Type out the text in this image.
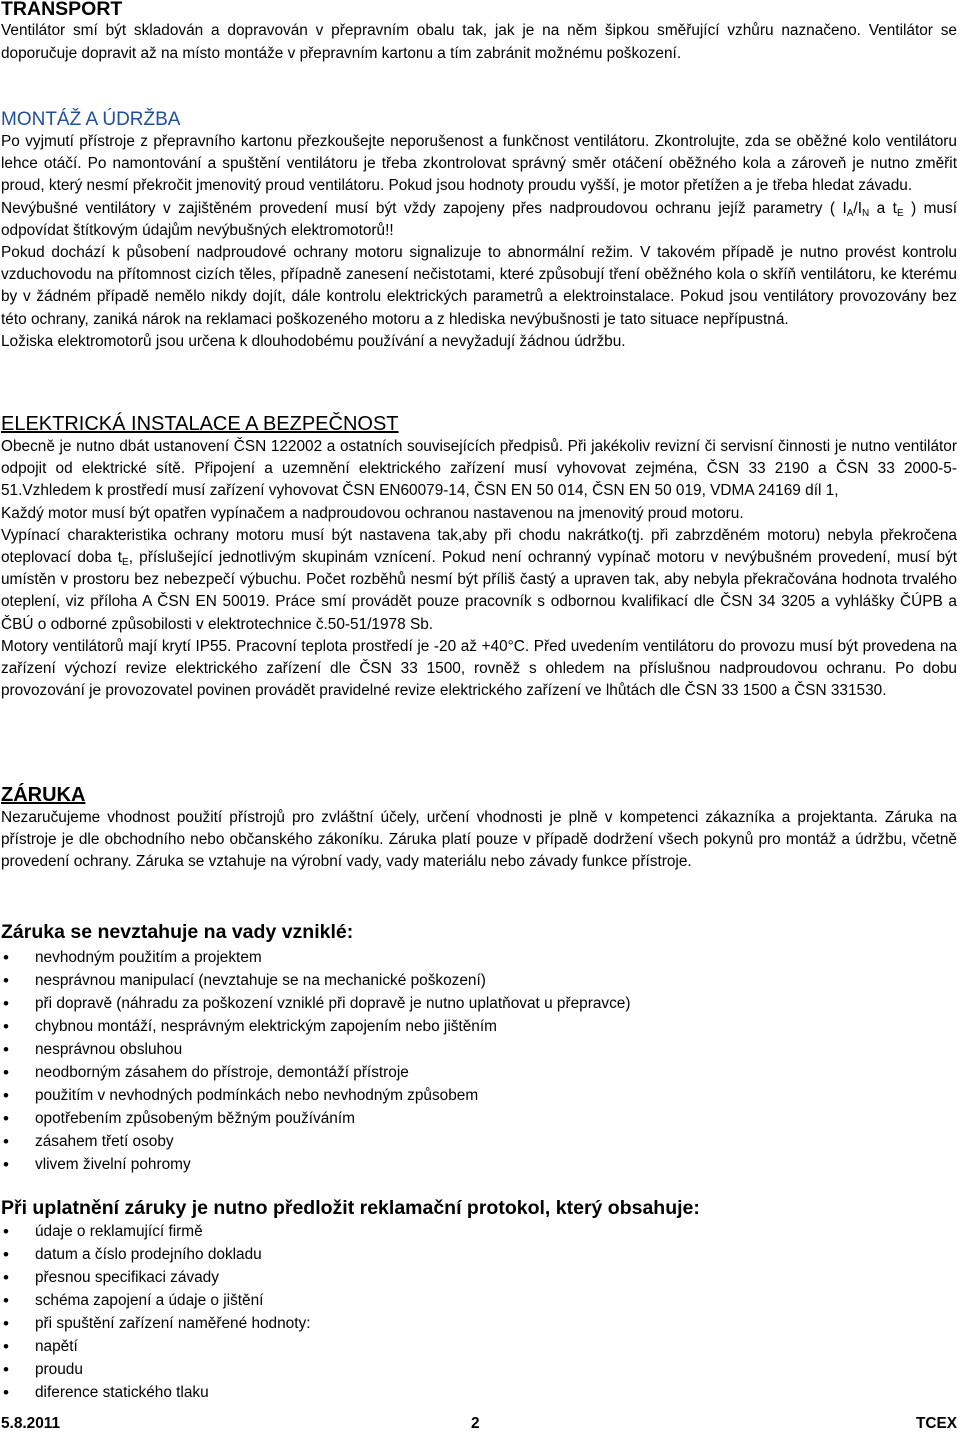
TRANSPORT

Ventilátor smí být skladován a dopravován v přepravním obalu tak, jak je na něm šipkou směřující vzhůru naznačeno. Ventilátor se doporučuje dopravit až na místo montáže v přepravním kartonu a tím zabránit možnému poškození.

MONTÁŽ A ÚDRŽBA

Po vyjmutí přístroje z přepravního kartonu přezkoušejte neporušenost a funkčnost ventilátoru. Zkontrolujte, zda se oběžné kolo ventilátoru lehce otáčí. Po namontování a spuštění ventilátoru je třeba zkontrolovat správný směr otáčení oběžného kola a zároveň je nutno změřit proud, který nesmí překročit jmenovitý proud ventilátoru. Pokud jsou hodnoty proudu vyšší, je motor přetížen a je třeba hledat závadu.

Nevýbušné ventilátory v zajištěném provedení musí být vždy zapojeny přes nadproudovou ochranu jejíž parametry ( $I_A/I_N$ a $t_E$ ) musí odpovídat štítkovým údajům nevýbušných elektromotorů!!

Pokud dochází k působení nadproudové ochrany motoru signalizuje to abnormální režim. V takovém případě je nutno provést kontrolu vzduchovodu na přítomnost cizích těles, případně zanesení nečistotami, které způsobují tření oběžného kola o skříň ventilátoru, ke kterému by v žádném případě nemělo nikdy dojít, dále kontrolu elektrických parametrů a elektroinstalace. Pokud jsou ventilátory provozovány bez této ochrany, zaniká nárok na reklamaci poškozeného motoru a z hlediska nevýbušnosti je tato situace nepřípustná.

Ložiska elektromotorů jsou určena k dlouhodobému používání a nevyžadují žádnou údržbu.

ELEKTRICKÁ INSTALACE A BEZPEČNOST

Obecně je nutno dbát ustanovení ČSN 122002 a ostatních souvisejících předpisů. Při jakékoliv revizní či servisní činnosti je nutno ventilátor odpojit od elektrické sítě. Připojení a uzemnění elektrického zařízení musí vyhovovat zejména, ČSN 33 2190 a ČSN 33 2000-5-51.Vzhledem k prostředí musí zařízení vyhovovat ČSN EN60079-14, ČSN EN 50 014, ČSN EN 50 019, VDMA 24169 díl 1,

Každý motor musí být opatřen vypínačem a nadproudovou ochranou nastavenou na jmenovitý proud motoru.

Vypínací charakteristika ochrany motoru musí být nastavena tak,aby při chodu nakrátko(tj. při zabrzděném motoru) nebyla překročena oteplovací doba $t_E$, příslušející jednotlivým skupinám vznícení. Pokud není ochranný vypínač motoru v nevýbušném provedení, musí být umístěn v prostoru bez nebezpečí výbuchu. Počet rozběhů nesmí být příliš častý a upraven tak, aby nebyla překračována hodnota trvalého oteplení, viz příloha A ČSN EN 50019. Práce smí provádět pouze pracovník s odbornou kvalifikací dle ČSN 34 3205 a vyhlášky ČÚPB a ČBÚ o odborné způsobilosti v elektrotechnice č.50-51/1978 Sb.

Motory ventilátorů mají krytí IP55. Pracovní teplota prostředí je -20 až +40°C. Před uvedením ventilátoru do provozu musí být provedena na zařízení výchozí revize elektrického zařízení dle ČSN 33 1500, rovněž s ohledem na příslušnou nadproudovou ochranu. Po dobu provozování je provozovatel povinen provádět pravidelné revize elektrického zařízení ve lhůtách dle ČSN 33 1500 a ČSN 331530.

ZÁRUKA

Nezaručujeme vhodnost použití přístrojů pro zvláštní účely, určení vhodnosti je plně v kompetenci zákazníka a projektanta. Záruka na přístroje je dle obchodního nebo občanského zákoníku. Záruka platí pouze v případě dodržení všech pokynů pro montáž a údržbu, včetně provedení ochrany. Záruka se vztahuje na výrobní vady, vady materiálu nebo závady funkce přístroje.

Záruka se nevztahuje na vady vzniklé:
• nevhodným použitím a projektem
• nesprávnou manipulací (nevztahuje se na mechanické poškození)
• při dopravě (náhradu za poškození vzniklé při dopravě je nutno uplatňovat u přepravce)
• chybnou montáží, nesprávným elektrickým zapojením nebo jištěním
• nesprávnou obsluhou
• neodborným zásahem do přístroje, demontáží přístroje
• použitím v nevhodných podmínkách nebo nevhodným způsobem
• opotřebením způsobeným běžným používáním
• zásahem třetí osoby
• vlivem živelní pohromy
Při uplatnění záruky je nutno předložit reklamační protokol, který obsahuje:
• údaje o reklamující firmě
• datum a číslo prodejního dokladu
• přesnou specifikaci závady
• schéma zapojení a údaje o jištění
• při spuštění zařízení naměřené hodnoty:
• napětí
• proudu
• diference statického tlaku
5.8.2011	2	TCEX
